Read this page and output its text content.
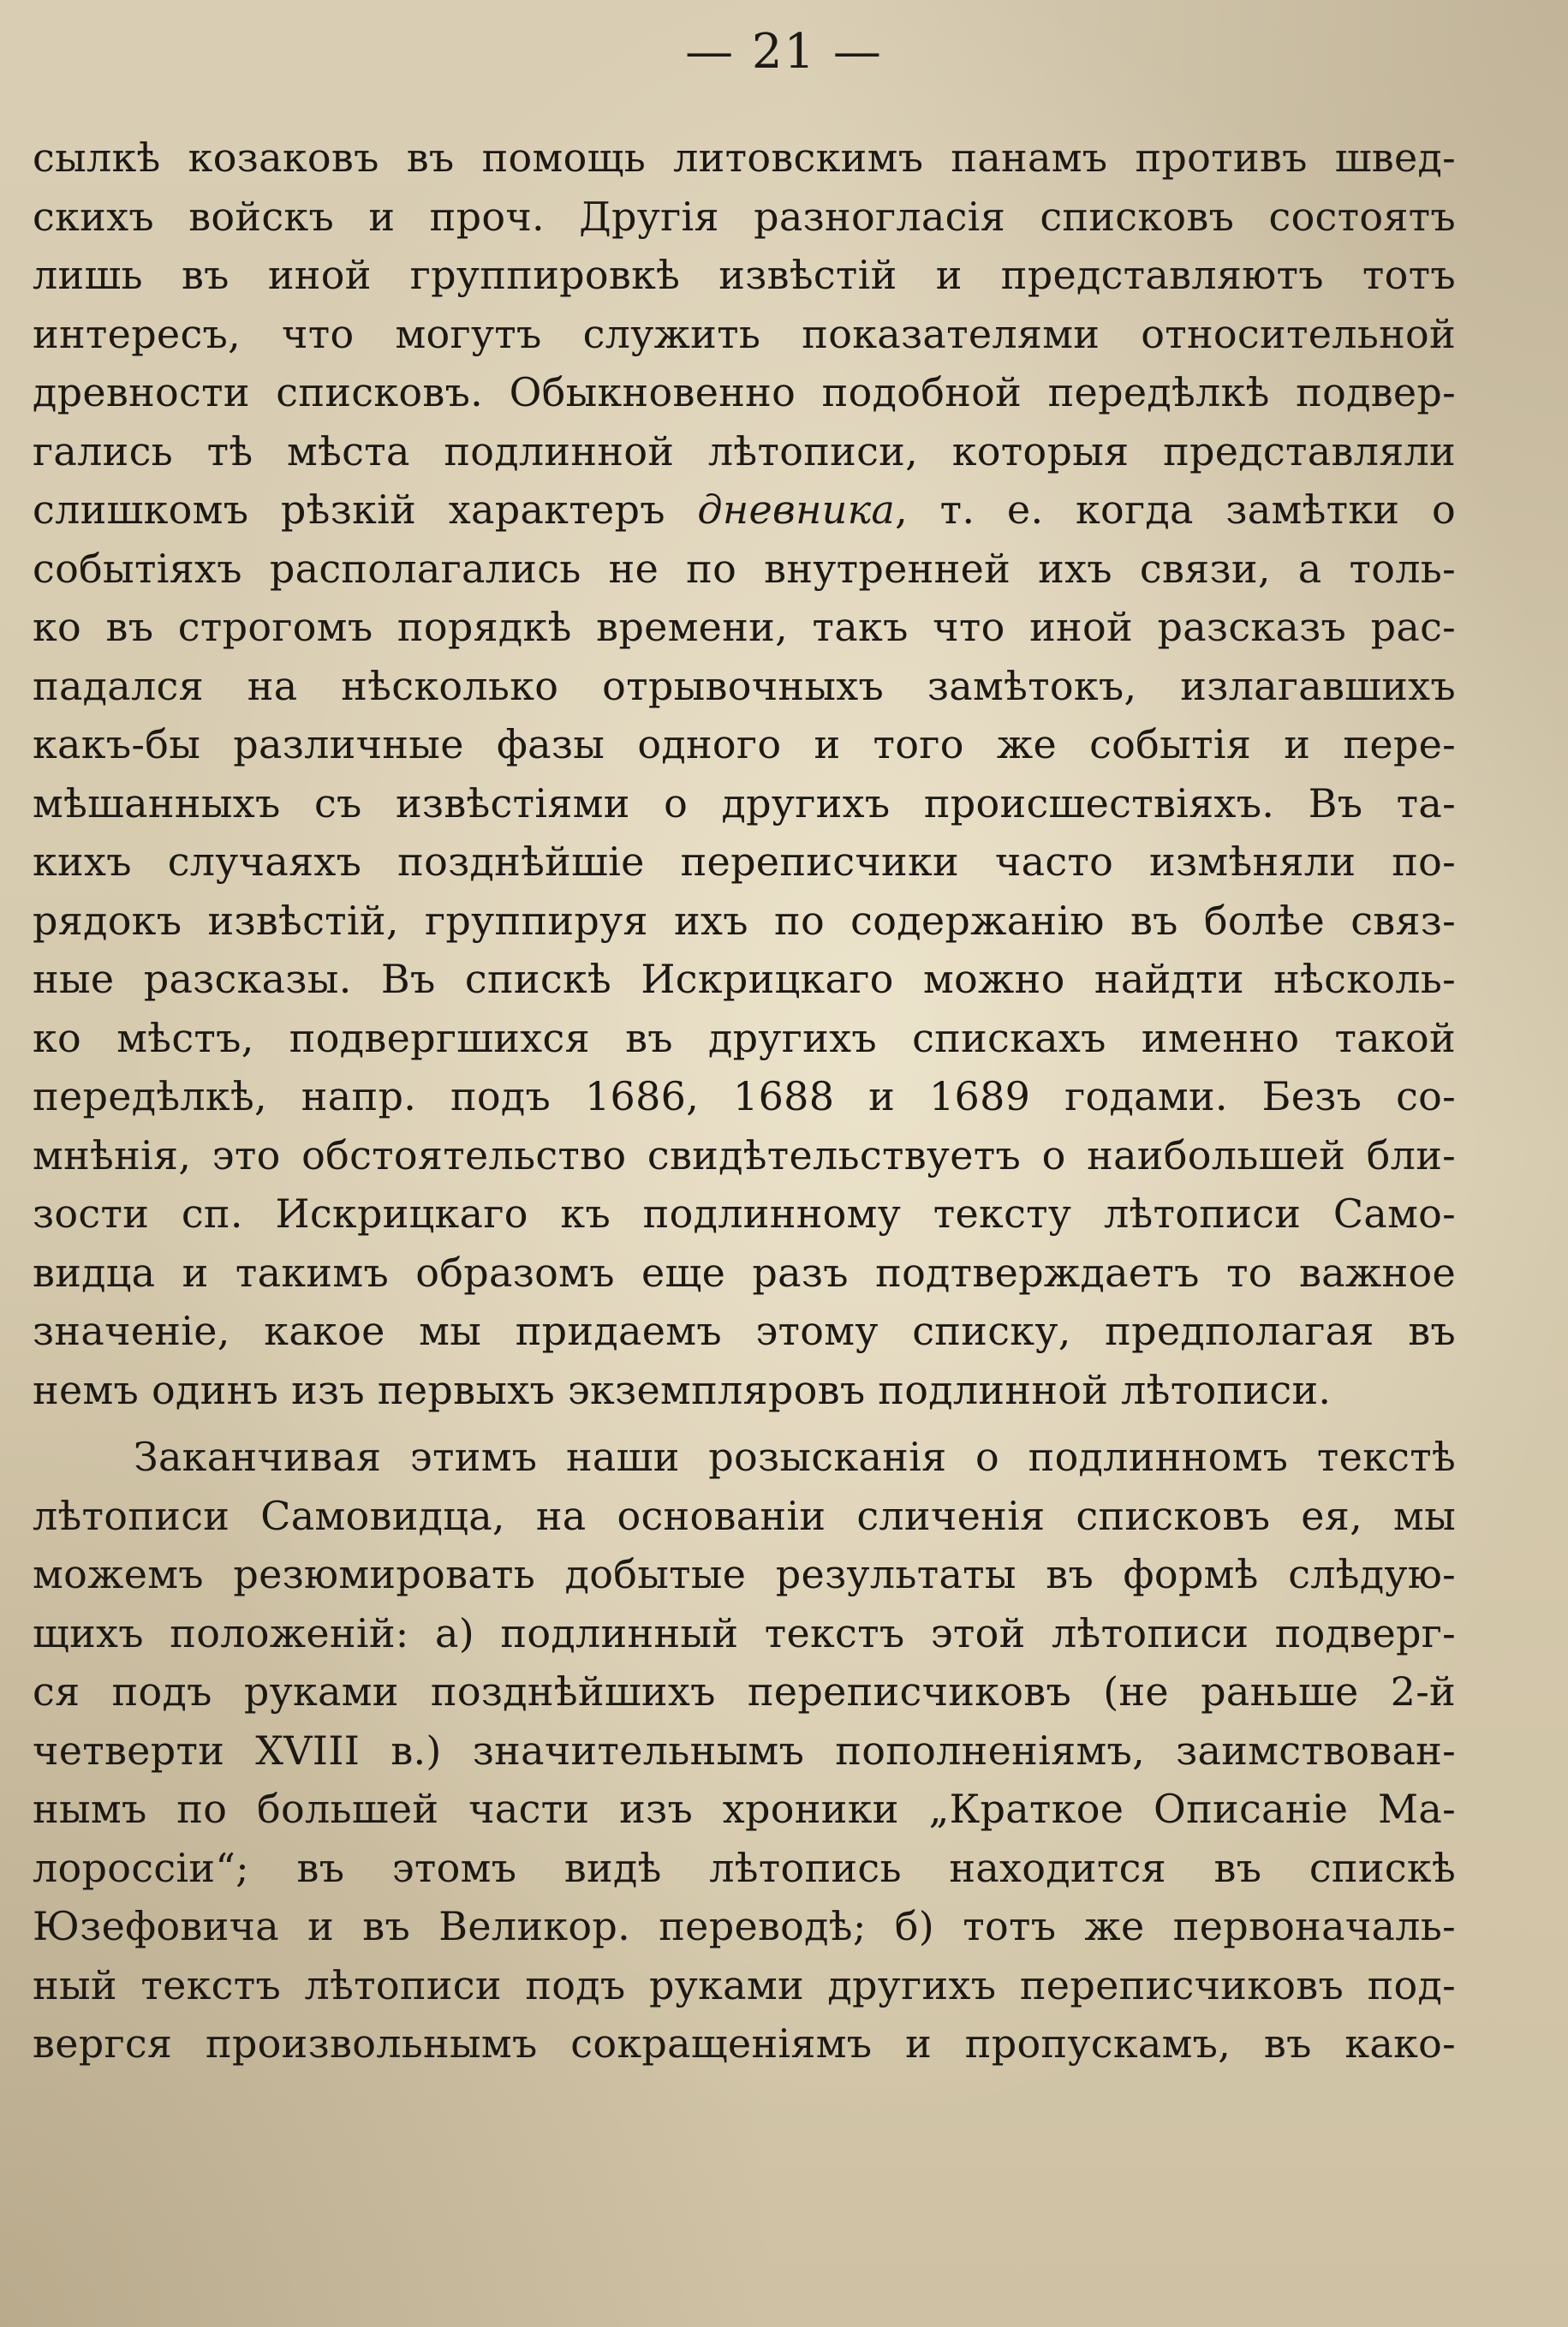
— 21 —
сылкѣ козаковъ въ помощь литовскимъ панамъ противъ швед-
скихъ войскъ и проч. Другія разногласія списковъ состоятъ
лишь въ иной группировкѣ извѣстій и представляютъ тотъ
интересъ, что могутъ служить показателями относительной
древности списковъ. Обыкновенно подобной передѣлкѣ подвер-
гались тѣ мѣста подлинной лѣтописи, которыя представляли
слишкомъ рѣзкій характеръ дневника, т. е. когда замѣтки о
событіяхъ располагались не по внутренней ихъ связи, а толь-
ко въ строгомъ порядкѣ времени, такъ что иной разсказъ рас-
падался на нѣсколько отрывочныхъ замѣтокъ, излагавшихъ
какъ-бы различные фазы одного и того же событія и пере-
мѣшанныхъ съ извѣстіями о другихъ происшествіяхъ. Въ та-
кихъ случаяхъ позднѣйшіе переписчики часто измѣняли по-
рядокъ извѣстій, группируя ихъ по содержанію въ болѣе связ-
ные разсказы. Въ спискѣ Искрицкаго можно найдти нѣсколь-
ко мѣстъ, подвергшихся въ другихъ спискахъ именно такой
передѣлкѣ, напр. подъ 1686, 1688 и 1689 годами. Безъ со-
мнѣнія, это обстоятельство свидѣтельствуетъ о наибольшей бли-
зости сп. Искрицкаго къ подлинному тексту лѣтописи Само-
видца и такимъ образомъ еще разъ подтверждаетъ то важное
значеніе, какое мы придаемъ этому списку, предполагая въ
немъ одинъ изъ первыхъ экземпляровъ подлинной лѣтописи.
Заканчивая этимъ наши розысканія о подлинномъ текстѣ
лѣтописи Самовидца, на основаніи сличенія списковъ ея, мы
можемъ резюмировать добытые результаты въ формѣ слѣдую-
щихъ положеній: а) подлинный текстъ этой лѣтописи подверг-
ся подъ руками позднѣйшихъ переписчиковъ (не раньше 2-й
четверти XVIII в.) значительнымъ пополненіямъ, заимствован-
нымъ по большей части изъ хроники „Краткое Описаніе Ма-
лороссіи“; въ этомъ видѣ лѣтопись находится въ спискѣ
Юзефовича и въ Великор. переводѣ; б) тотъ же первоначаль-
ный текстъ лѣтописи подъ руками другихъ переписчиковъ под-
вергся произвольнымъ сокращеніямъ и пропускамъ, въ како-
